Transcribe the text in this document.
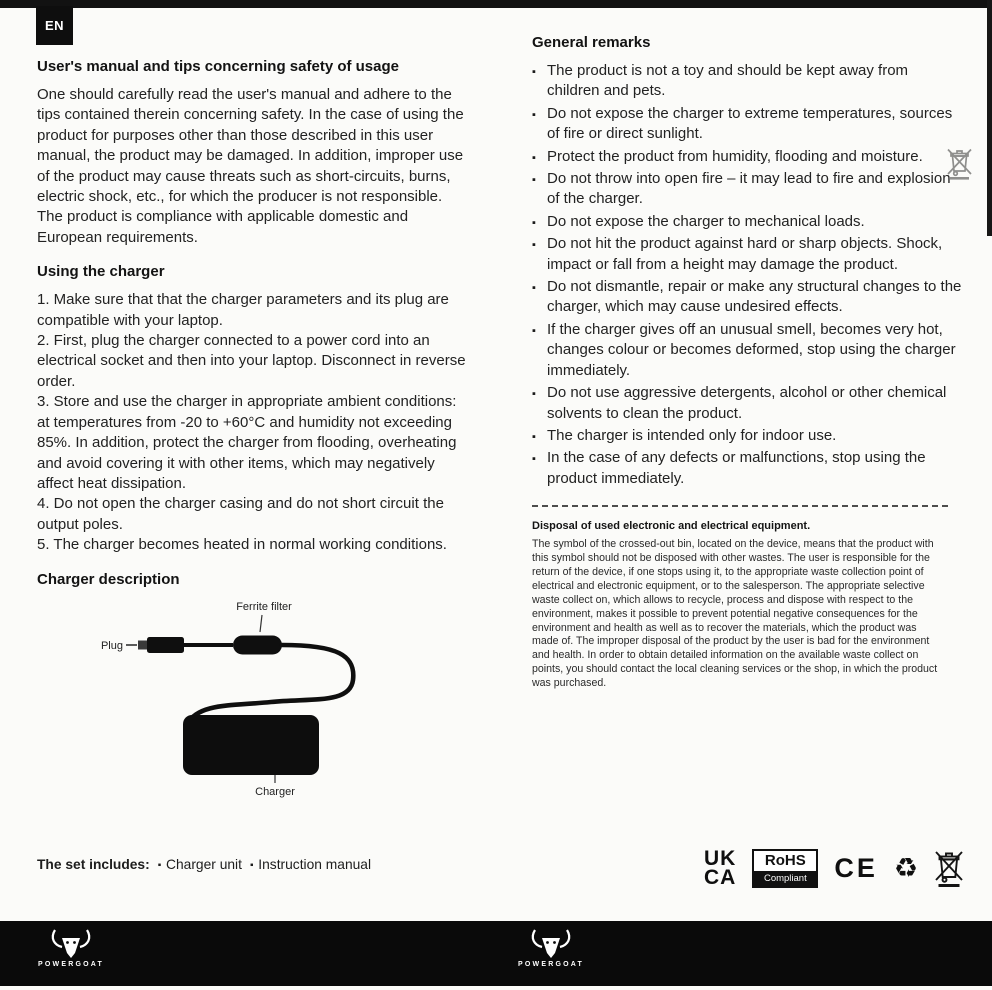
EN
User's manual and tips concerning safety of usage

One should carefully read the user's manual and adhere to the tips contained therein concerning safety. In the case of using the product for purposes other than those described in this user manual, the product may be damaged. In addition, improper use of the product may cause threats such as short-circuits, burns, electric shock, etc., for which the producer is not responsible. The product is compliance with applicable domestic and European requirements.

Using the charger

1. Make sure that that the charger parameters and its plug are compatible with your laptop.

2. First, plug the charger connected to a power cord into an electrical socket and then into your laptop. Disconnect in reverse order.

3. Store and use the charger in appropriate ambient conditions: at temperatures from -20 to +60°C and humidity not exceeding 85%. In addition, protect the charger from flooding, overheating and avoid covering it with other items, which may negatively affect heat dissipation.

4. Do not open the charger casing and do not short circuit the output poles.

5. The charger becomes heated in normal working conditions.

Charger description
Ferrite filter
Plug
Charger
The set includes: ▪ Charger unit ▪ Instruction manual
General remarks
▪ The product is not a toy and should be kept away from children and pets.
▪ Do not expose the charger to extreme temperatures, sources of fire or direct sunlight.
▪ Protect the product from humidity, flooding and moisture.
▪ Do not throw into open fire – it may lead to fire and explosion of the charger.
▪ Do not expose the charger to mechanical loads.
▪ Do not hit the product against hard or sharp objects. Shock, impact or fall from a height may damage the product.
▪ Do not dismantle, repair or make any structural changes to the charger, which may cause undesired effects.
▪ If the charger gives off an unusual smell, becomes very hot, changes colour or becomes deformed, stop using the charger immediately.
▪ Do not use aggressive detergents, alcohol or other chemical solvents to clean the product.
▪ The charger is intended only for indoor use.
▪ In the case of any defects or malfunctions, stop using the product immediately.
Disposal of used electronic and electrical equipment.

The symbol of the crossed-out bin, located on the device, means that the product with this symbol should not be disposed with other wastes. The user is responsible for the return of the device, if one stops using it, to the appropriate waste collection point of electrical and electronic equipment, or to the salesperson. The appropriate selective waste collect on, which allows to recycle, process and dispose with respect to the environment, makes it possible to prevent potential negative consequences for the environment and health as well as to recover the materials, which the product was made of. The improper disposal of the product by the user is bad for the environment and health. In order to obtain detailed information on the available waste collect on points, you should contact the local cleaning services or the shop, in which the product was purchased.

UK
CA
RoHS
Compliant	CE ♻
POWERGOAT	POWERGOAT
